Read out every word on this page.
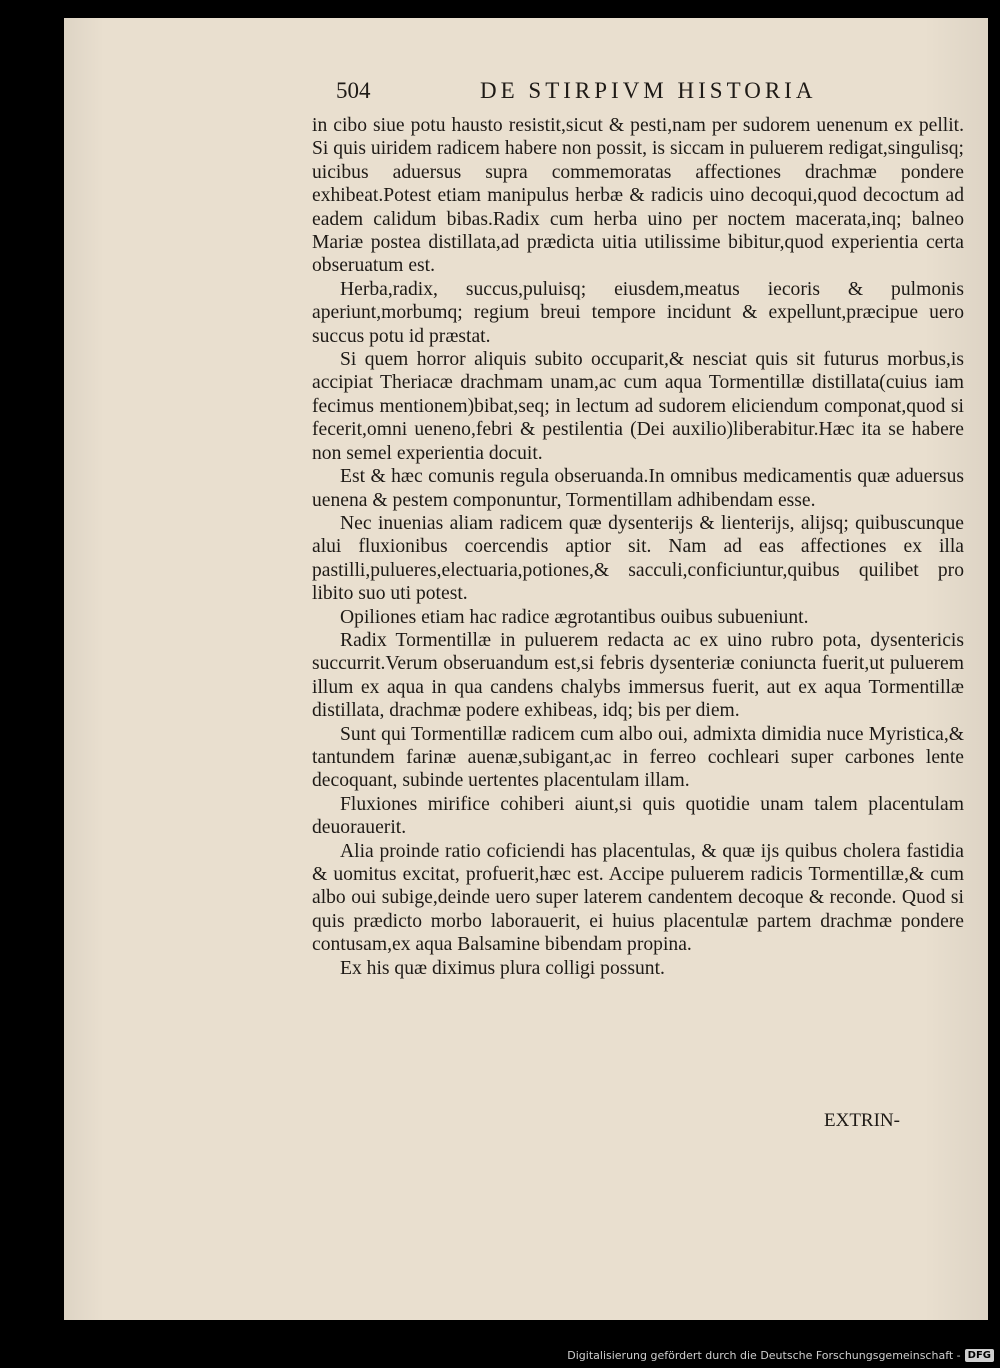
504	DE STIRPIVM HISTORIA

in cibo siue potu hausto resistit,sicut & pesti,nam per sudorem uenenum ex pellit. Si quis uiridem radicem habere non possit, is siccam in puluerem redigat,singulisq; uicibus aduersus supra commemoratas affectiones drachmæ pondere exhibeat.Potest etiam manipulus herbæ & radicis uino decoqui,quod decoctum ad eadem calidum bibas.Radix cum herba uino per noctem macerata,inq; balneo Mariæ postea distillata,ad prædicta uitia utilissime bibitur,quod experientia certa obseruatum est.

Herba,radix, succus,puluisq; eiusdem,meatus iecoris & pulmonis aperiunt,morbumq; regium breui tempore incidunt & expellunt,præcipue uero succus potu id præstat.

Si quem horror aliquis subito occuparit,& nesciat quis sit futurus morbus,is accipiat Theriacæ drachmam unam,ac cum aqua Tormentillæ distillata(cuius iam fecimus mentionem)bibat,seq; in lectum ad sudorem eliciendum componat,quod si fecerit,omni ueneno,febri & pestilentia (Dei auxilio)liberabitur.Hæc ita se habere non semel experientia docuit.

Est & hæc comunis regula obseruanda.In omnibus medicamentis quæ aduersus uenena & pestem componuntur, Tormentillam adhibendam esse.

Nec inuenias aliam radicem quæ dysenterijs & lienterijs, alijsq; quibuscunque alui fluxionibus coercendis aptior sit. Nam ad eas affectiones ex illa pastilli,pulueres,electuaria,potiones,& sacculi,conficiuntur,quibus quilibet pro libito suo uti potest.

Opiliones etiam hac radice ægrotantibus ouibus subueniunt.

Radix Tormentillæ in puluerem redacta ac ex uino rubro pota, dysentericis succurrit.Verum obseruandum est,si febris dysenteriæ coniuncta fuerit,ut puluerem illum ex aqua in qua candens chalybs immersus fuerit, aut ex aqua Tormentillæ distillata, drachmæ podere exhibeas, idq; bis per diem.

Sunt qui Tormentillæ radicem cum albo oui, admixta dimidia nuce Myristica,& tantundem farinæ auenæ,subigant,ac in ferreo cochleari super carbones lente decoquant, subinde uertentes placentulam illam.

Fluxiones mirifice cohiberi aiunt,si quis quotidie unam talem placentulam deuorauerit.

Alia proinde ratio coficiendi has placentulas, & quæ ijs quibus cholera fastidia & uomitus excitat, profuerit,hæc est. Accipe puluerem radicis Tormentillæ,& cum albo oui subige,deinde uero super laterem candentem decoque & reconde. Quod si quis prædicto morbo laborauerit, ei huius placentulæ partem drachmæ pondere contusam,ex aqua Balsamine bibendam propina.

Ex his quæ diximus plura colligi possunt.

EXTRIN-
Digitalisierung gefördert durch die Deutsche Forschungsgemeinschaft - DFG
